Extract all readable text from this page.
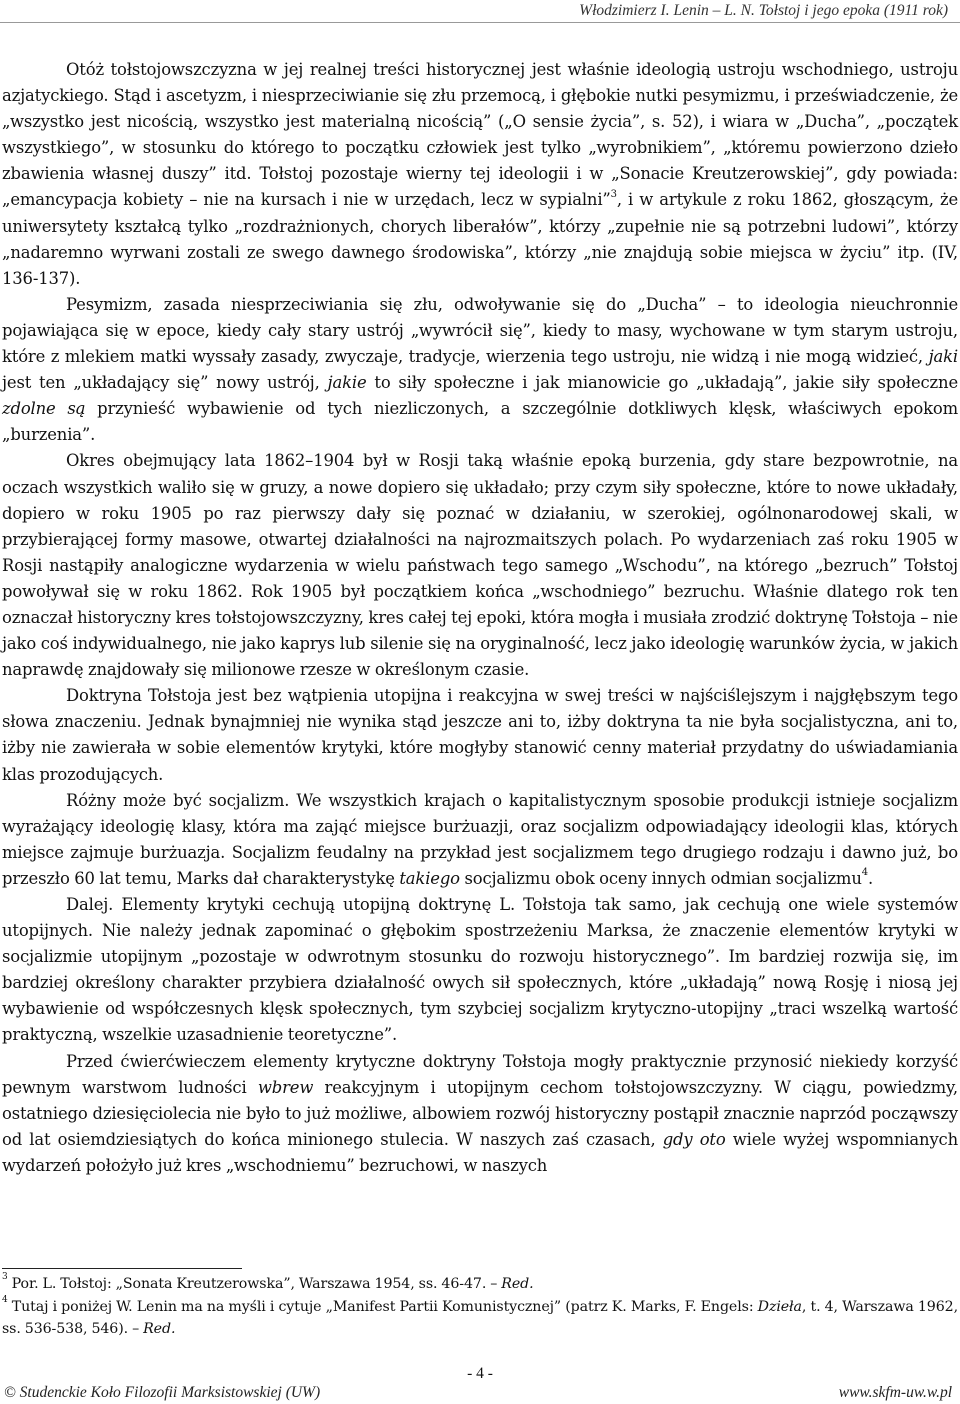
Włodzimierz I. Lenin – L. N. Tołstoj i jego epoka (1911 rok)

Otóż tołstojowszczyzna w jej realnej treści historycznej jest właśnie ideologią ustroju wschodniego, ustroju azjatyckiego. Stąd i ascetyzm, i niesprzeciwianie się złu przemocą, i głębokie nutki pesymizmu, i przeświadczenie, że „wszystko jest nicością, wszystko jest materialną nicością” („O sensie życia”, s. 52), i wiara w „Ducha”, „początek wszystkiego”, w stosunku do którego to początku człowiek jest tylko „wyrobnikiem”, „któremu powierzono dzieło zbawienia własnej duszy” itd. Tołstoj pozostaje wierny tej ideologii i w „Sonacie Kreutzerowskiej”, gdy powiada: „emancypacja kobiety – nie na kursach i nie w urzędach, lecz w sypialni”$^3$, i w artykule z roku 1862, głoszącym, że uniwersytety kształcą tylko „rozdrażnionych, chorych liberałów”, którzy „zupełnie nie są potrzebni ludowi”, którzy „nadaremno wyrwani zostali ze swego dawnego środowiska”, którzy „nie znajdują sobie miejsca w życiu” itp. (IV, 136-137).

Pesymizm, zasada niesprzeciwiania się złu, odwoływanie się do „Ducha” – to ideologia nieuchronnie pojawiająca się w epoce, kiedy cały stary ustrój „wywrócił się”, kiedy to masy, wychowane w tym starym ustroju, które z mlekiem matki wyssały zasady, zwyczaje, tradycje, wierzenia tego ustroju, nie widzą i nie mogą widzieć, jaki jest ten „układający się” nowy ustrój, jakie to siły społeczne i jak mianowicie go „układają”, jakie siły społeczne zdolne są przynieść wybawienie od tych niezliczonych, a szczególnie dotkliwych klęsk, właściwych epokom „burzenia”.

Okres obejmujący lata 1862–1904 był w Rosji taką właśnie epoką burzenia, gdy stare bezpowrotnie, na oczach wszystkich waliło się w gruzy, a nowe dopiero się układało; przy czym siły społeczne, które to nowe układały, dopiero w roku 1905 po raz pierwszy dały się poznać w działaniu, w szerokiej, ogólnonarodowej skali, w przybierającej formy masowe, otwartej działalności na najrozmaitszych polach. Po wydarzeniach zaś roku 1905 w Rosji nastąpiły analogiczne wydarzenia w wielu państwach tego samego „Wschodu”, na którego „bezruch” Tołstoj powoływał się w roku 1862. Rok 1905 był początkiem końca „wschodniego” bezruchu. Właśnie dlatego rok ten oznaczał historyczny kres tołstojowszczyzny, kres całej tej epoki, która mogła i musiała zrodzić doktrynę Tołstoja – nie jako coś indywidualnego, nie jako kaprys lub silenie się na oryginalność, lecz jako ideologię warunków życia, w jakich naprawdę znajdowały się milionowe rzesze w określonym czasie.

Doktryna Tołstoja jest bez wątpienia utopijna i reakcyjna w swej treści w najściślejszym i najgłębszym tego słowa znaczeniu. Jednak bynajmniej nie wynika stąd jeszcze ani to, iżby doktryna ta nie była socjalistyczna, ani to, iżby nie zawierała w sobie elementów krytyki, które mogłyby stanowić cenny materiał przydatny do uświadamiania klas prozodujących.

Różny może być socjalizm. We wszystkich krajach o kapitalistycznym sposobie produkcji istnieje socjalizm wyrażający ideologię klasy, która ma zająć miejsce burżuazji, oraz socjalizm odpowiadający ideologii klas, których miejsce zajmuje burżuazja. Socjalizm feudalny na przykład jest socjalizmem tego drugiego rodzaju i dawno już, bo przeszło 60 lat temu, Marks dał charakterystykę takiego socjalizmu obok oceny innych odmian socjalizmu$^4$.

Dalej. Elementy krytyki cechują utopijną doktrynę L. Tołstoja tak samo, jak cechują one wiele systemów utopijnych. Nie należy jednak zapominać o głębokim spostrzeżeniu Marksa, że znaczenie elementów krytyki w socjalizmie utopijnym „pozostaje w odwrotnym stosunku do rozwoju historycznego”. Im bardziej rozwija się, im bardziej określony charakter przybiera działalność owych sił społecznych, które „układają” nową Rosję i niosą jej wybawienie od współczesnych klęsk społecznych, tym szybciej socjalizm krytyczno-utopijny „traci wszelką wartość praktyczną, wszelkie uzasadnienie teoretyczne”.

Przed ćwierćwieczem elementy krytyczne doktryny Tołstoja mogły praktycznie przynosić niekiedy korzyść pewnym warstwom ludności wbrew reakcyjnym i utopijnym cechom tołstojowszczyzny. W ciągu, powiedzmy, ostatniego dziesięciolecia nie było to już możliwe, albowiem rozwój historyczny postąpił znacznie naprzód począwszy od lat osiemdziesiątych do końca minionego stulecia. W naszych zaś czasach, gdy oto wiele wyżej wspomnianych wydarzeń położyło już kres „wschodniemu” bezruchowi, w naszych

$^3$ Por. L. Tołstoj: „Sonata Kreutzerowska”, Warszawa 1954, ss. 46-47. – Red.

$^4$ Tutaj i poniżej W. Lenin ma na myśli i cytuje „Manifest Partii Komunistycznej” (patrz K. Marks, F. Engels: Dzieła, t. 4, Warszawa 1962, ss. 536-538, 546). – Red.

- 4 -
© Studenckie Koło Filozofii Marksistowskiej (UW)	www.skfm-uw.w.pl
